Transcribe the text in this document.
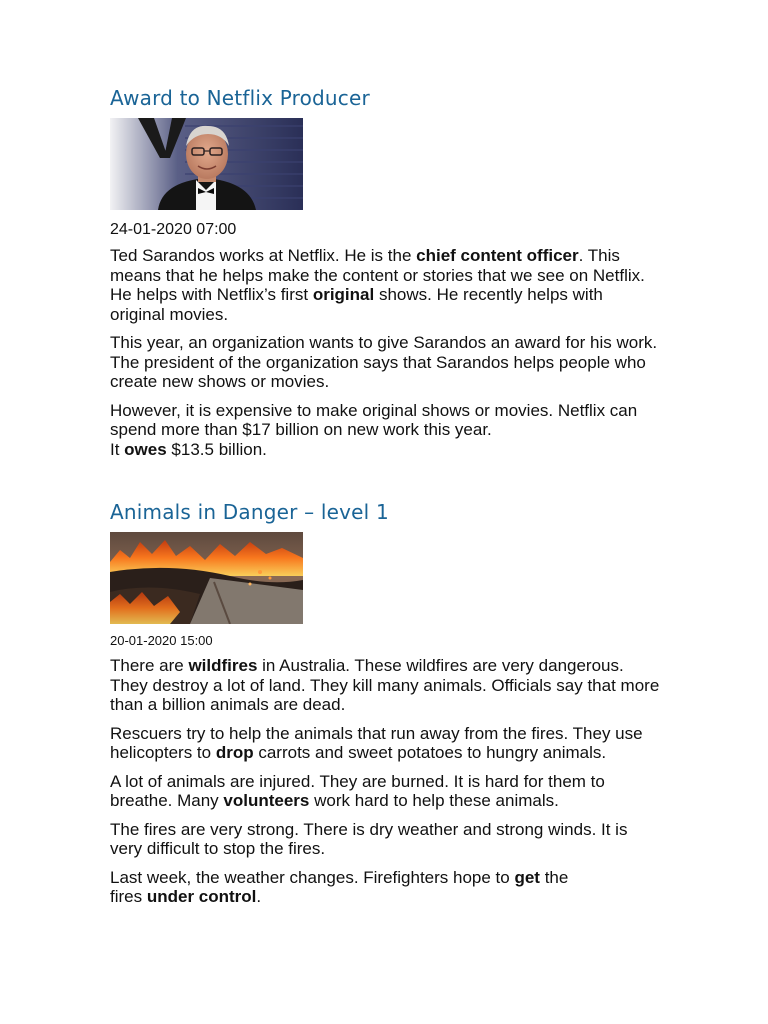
Award to Netflix Producer
24-01-2020 07:00

Ted Sarandos works at Netflix. He is the chief content officer. This means that he helps make the content or stories that we see on Netflix. He helps with Netflix’s first original shows. He recently helps with original movies.

This year, an organization wants to give Sarandos an award for his work. The president of the organization says that Sarandos helps people who create new shows or movies.

However, it is expensive to make original shows or movies. Netflix can spend more than $17 billion on new work this year.
It owes $13.5 billion.

Animals in Danger – level 1
20-01-2020 15:00

There are wildfires in Australia. These wildfires are very dangerous. They destroy a lot of land. They kill many animals. Officials say that more than a billion animals are dead.

Rescuers try to help the animals that run away from the fires. They use helicopters to drop carrots and sweet potatoes to hungry animals.

A lot of animals are injured. They are burned. It is hard for them to breathe. Many volunteers work hard to help these animals.

The fires are very strong. There is dry weather and strong winds. It is very difficult to stop the fires.

Last week, the weather changes. Firefighters hope to get the
fires under control.
